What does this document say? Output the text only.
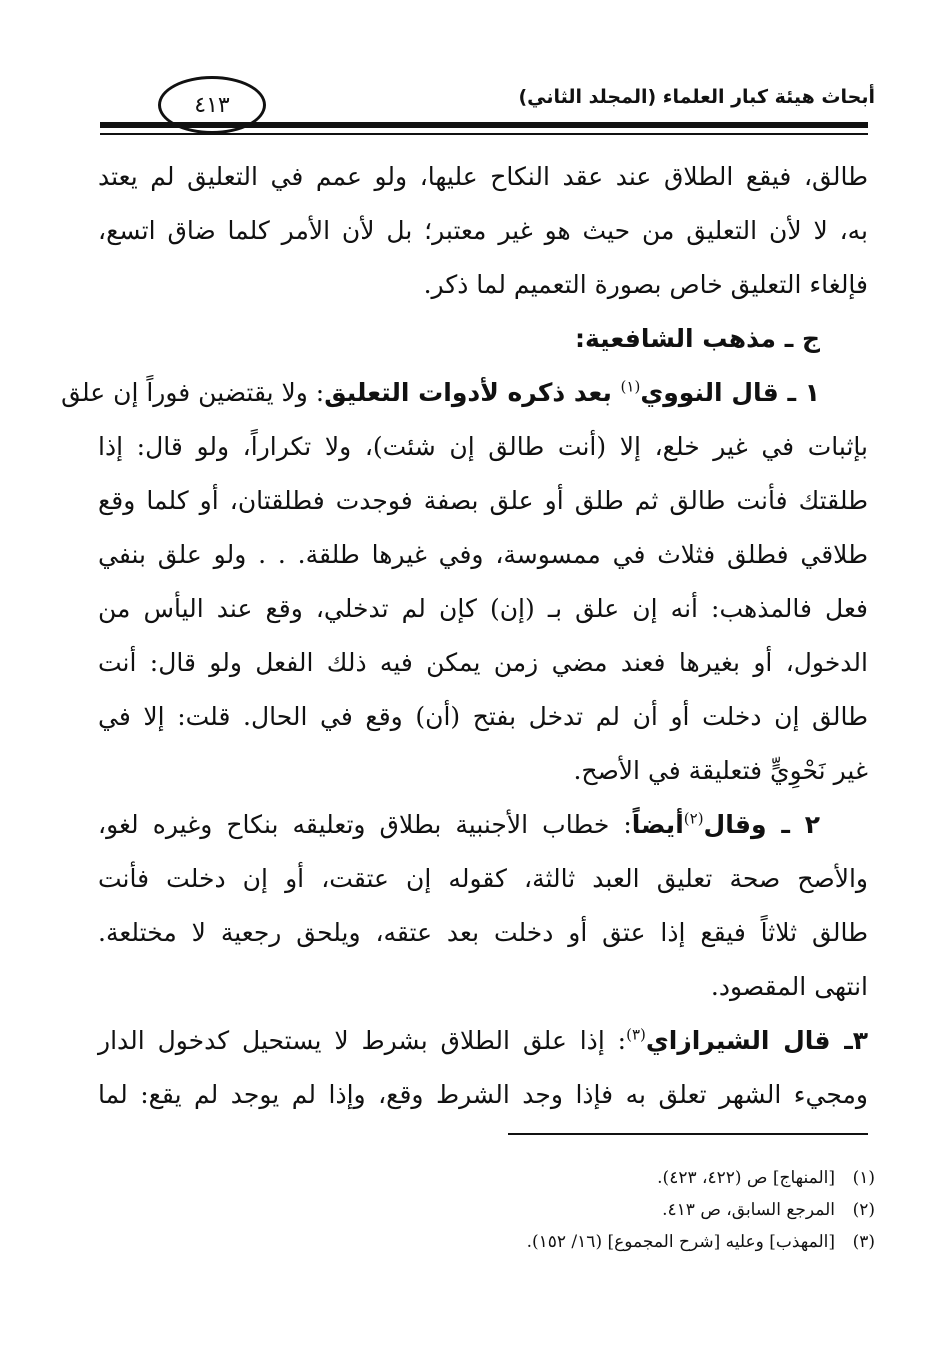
٤١٣	أبحاث هيئة كبار العلماء (المجلد الثاني)
طالق، فيقع الطلاق عند عقد النكاح عليها، ولو عمم في التعليق لم يعتد
به، لا لأن التعليق من حيث هو غير معتبر؛ بل لأن الأمر كلما ضاق اتسع،
فإلغاء التعليق خاص بصورة التعميم لما ذكر.
ج ـ مذهب الشافعية:
١ ـ قال النووي$^{(١)}$ بعد ذكره لأدوات التعليق: ولا يقتضين فوراً إن علق
بإثبات في غير خلع، إلا (أنت طالق إن شئت)، ولا تكراراً، ولو قال: إذا
طلقتك فأنت طالق ثم طلق أو علق بصفة فوجدت فطلقتان، أو كلما وقع
طلاقي فطلق فثلاث في ممسوسة، وفي غيرها طلقة. . . ولو علق بنفي
فعل فالمذهب: أنه إن علق بـ (إن) كإن لم تدخلي، وقع عند اليأس من
الدخول، أو بغيرها فعند مضي زمن يمكن فيه ذلك الفعل ولو قال: أنت
طالق إن دخلت أو أن لم تدخل بفتح (أن) وقع في الحال. قلت: إلا في
غير نَحْوِيٍّ فتعليقة في الأصح.
٢ ـ وقال$^{(٢)}$أيضاً: خطاب الأجنبية بطلاق وتعليقه بنكاح وغيره لغو،
والأصح صحة تعليق العبد ثالثة، كقوله إن عتقت، أو إن دخلت فأنت
طالق ثلاثاً فيقع إذا عتق أو دخلت بعد عتقه، ويلحق رجعية لا مختلعة.
انتهى المقصود.
٣ـ قال الشيرازاي$^{(٣)}$: إذا علق الطلاق بشرط لا يستحيل كدخول الدار
ومجيء الشهر تعلق به فإذا وجد الشرط وقع، وإذا لم يوجد لم يقع: لما
(١)
[المنهاج] ص (٤٢٢، ٤٢٣).
(٢)
المرجع السابق، ص ٤١٣.
(٣)
[المهذب] وعليه [شرح المجموع] (١٦/ ١٥٢).
